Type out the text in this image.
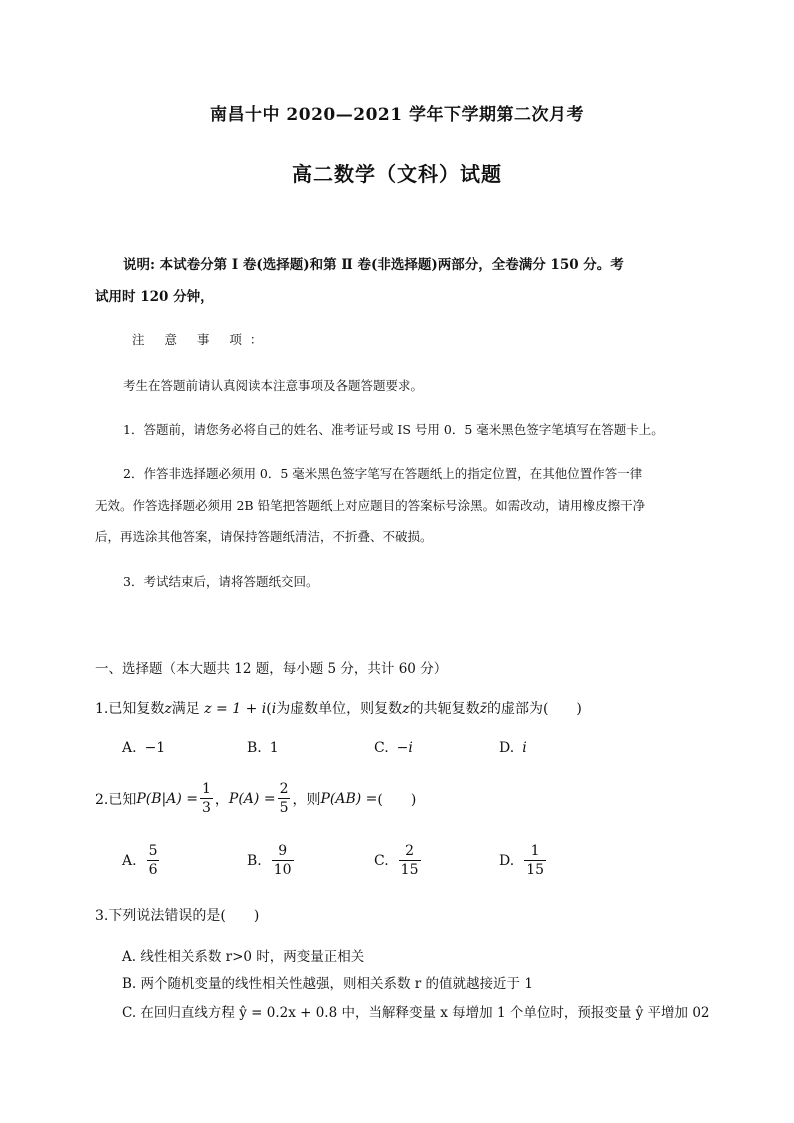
南昌十中 2020—2021 学年下学期第二次月考
高二数学（文科）试题
说明: 本试卷分第 Ⅰ 卷(选择题)和第 Ⅱ 卷(非选择题)两部分，全卷满分 150 分。考
试用时 120 分钟，
注 意 事 项：
考生在答题前请认真阅读本注意事项及各题答题要求。
1．答题前，请您务必将自己的姓名、准考证号或 IS 号用 0．5 毫米黑色签字笔填写在答题卡上。
2．作答非选择题必须用 0．5 毫米黑色签字笔写在答题纸上的指定位置，在其他位置作答一律
无效。作答选择题必须用 2B 铅笔把答题纸上对应题目的答案标号涂黑。如需改动，请用橡皮擦干净
后，再选涂其他答案，请保持答题纸清洁，不折叠、不破损。
3．考试结束后，请将答题纸交回。
一、选择题（本大题共 12 题，每小题 5 分，共计 60 分）
1.已知复数z满足 z = 1 + i(i为虚数单位，则复数z的共轭复数z̄的虚部为(　　)
A. −1	B. 1	C. −i	D. i
2.已知 $P(B|A) = \frac{1}{3}$ ， $P(A) = \frac{2}{5}$ ，则 P(AB) = (　　)
A. $\frac{5}{6}$	B. $\frac{9}{10}$	C. $\frac{2}{15}$	D. $\frac{1}{15}$
3.下列说法错误的是(　　)
A. 线性相关系数 r>0 时，两变量正相关
B. 两个随机变量的线性相关性越强，则相关系数 r 的值就越接近于 1
C. 在回归直线方程 ŷ = 0.2x + 0.8 中，当解释变量 x 每增加 1 个单位时，预报变量 ŷ 平增加 02
